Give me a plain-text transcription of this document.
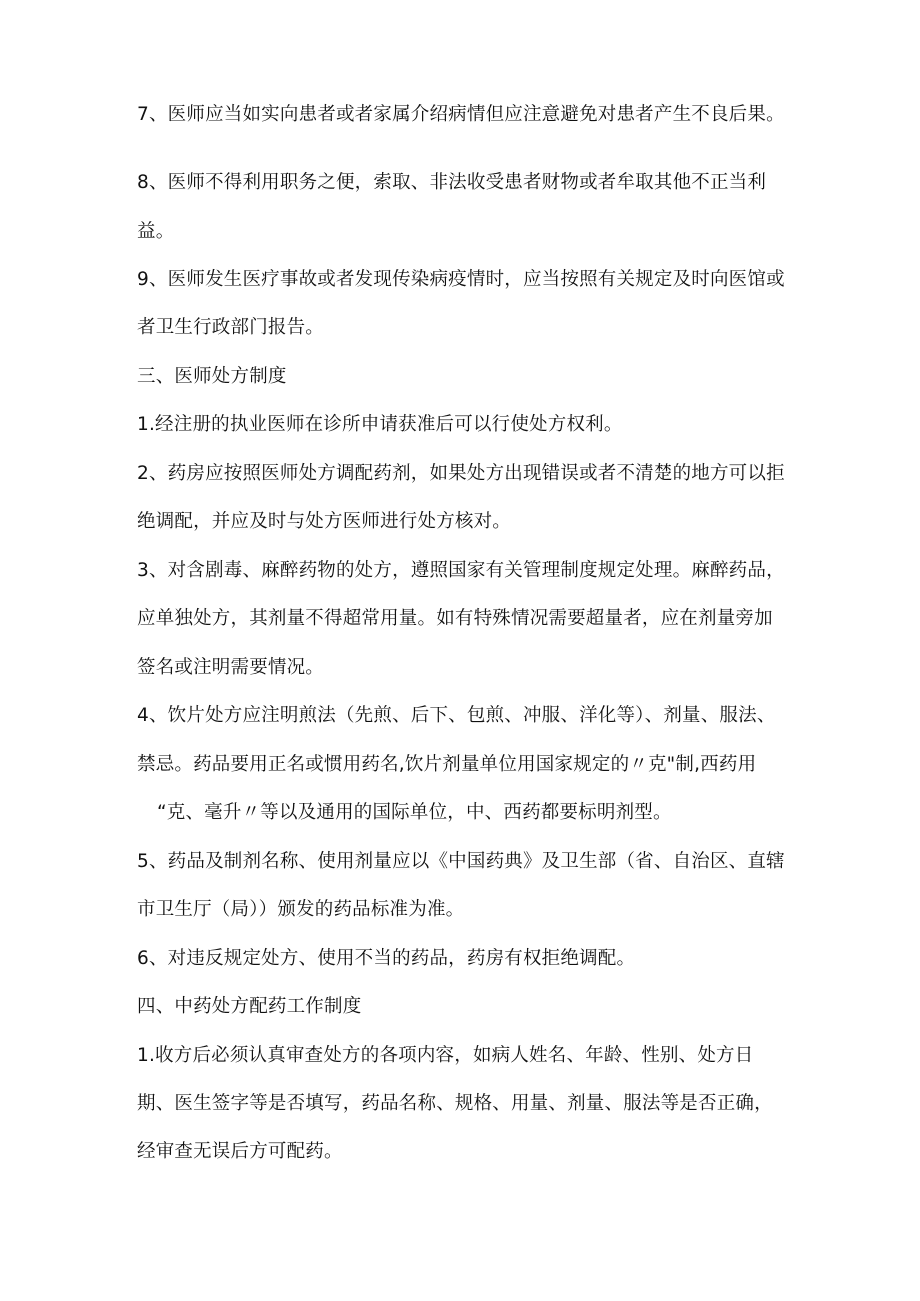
7、医师应当如实向患者或者家属介绍病情但应注意避免对患者产生不良后果。
8、医师不得利用职务之便，索取、非法收受患者财物或者牟取其他不正当利
益。
9、医师发生医疗事故或者发现传染病疫情时，应当按照有关规定及时向医馆或
者卫生行政部门报告。
三、医师处方制度
1.经注册的执业医师在诊所申请获准后可以行使处方权利。
2、药房应按照医师处方调配药剂，如果处方出现错误或者不清楚的地方可以拒
绝调配，并应及时与处方医师进行处方核对。
3、对含剧毒、麻醉药物的处方，遵照国家有关管理制度规定处理。麻醉药品，
应单独处方，其剂量不得超常用量。如有特殊情况需要超量者，应在剂量旁加
签名或注明需要情况。
4、饮片处方应注明煎法（先煎、后下、包煎、冲服、洋化等）、剂量、服法、
禁忌。药品要用正名或惯用药名,饮片剂量单位用国家规定的〃克"制,西药用
“克、毫升〃等以及通用的国际单位，中、西药都要标明剂型。
5、药品及制剂名称、使用剂量应以《中国药典》及卫生部（省、自治区、直辖
市卫生厅（局））颁发的药品标准为准。
6、对违反规定处方、使用不当的药品，药房有权拒绝调配。
四、中药处方配药工作制度
1.收方后必须认真审查处方的各项内容，如病人姓名、年龄、性别、处方日
期、医生签字等是否填写，药品名称、规格、用量、剂量、服法等是否正确，
经审查无误后方可配药。
